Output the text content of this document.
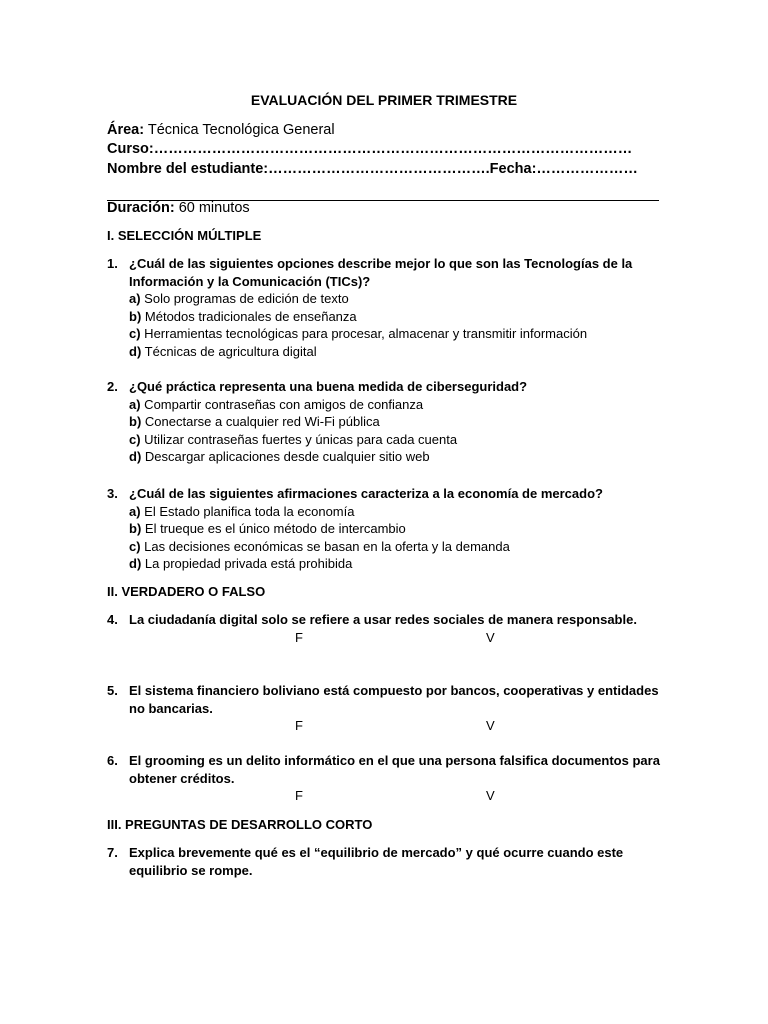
EVALUACIÓN DEL PRIMER TRIMESTRE
Área: Técnica Tecnológica General
Curso:………………………………………………………………………………………
Nombre del estudiante:……………………………………….Fecha:…………………
Duración: 60 minutos
I. SELECCIÓN MÚLTIPLE
1. ¿Cuál de las siguientes opciones describe mejor lo que son las Tecnologías de la Información y la Comunicación (TICs)?
a) Solo programas de edición de texto
b) Métodos tradicionales de enseñanza
c) Herramientas tecnológicas para procesar, almacenar y transmitir información
d) Técnicas de agricultura digital
2. ¿Qué práctica representa una buena medida de ciberseguridad?
a) Compartir contraseñas con amigos de confianza
b) Conectarse a cualquier red Wi-Fi pública
c) Utilizar contraseñas fuertes y únicas para cada cuenta
d) Descargar aplicaciones desde cualquier sitio web
3. ¿Cuál de las siguientes afirmaciones caracteriza a la economía de mercado?
a) El Estado planifica toda la economía
b) El trueque es el único método de intercambio
c) Las decisiones económicas se basan en la oferta y la demanda
d) La propiedad privada está prohibida
II. VERDADERO O FALSO
4. La ciudadanía digital solo se refiere a usar redes sociales de manera responsable.
F	V
5. El sistema financiero boliviano está compuesto por bancos, cooperativas y entidades no bancarias.
F	V
6. El grooming es un delito informático en el que una persona falsifica documentos para obtener créditos.
F	V
III. PREGUNTAS DE DESARROLLO CORTO
7. Explica brevemente qué es el “equilibrio de mercado” y qué ocurre cuando este equilibrio se rompe.
